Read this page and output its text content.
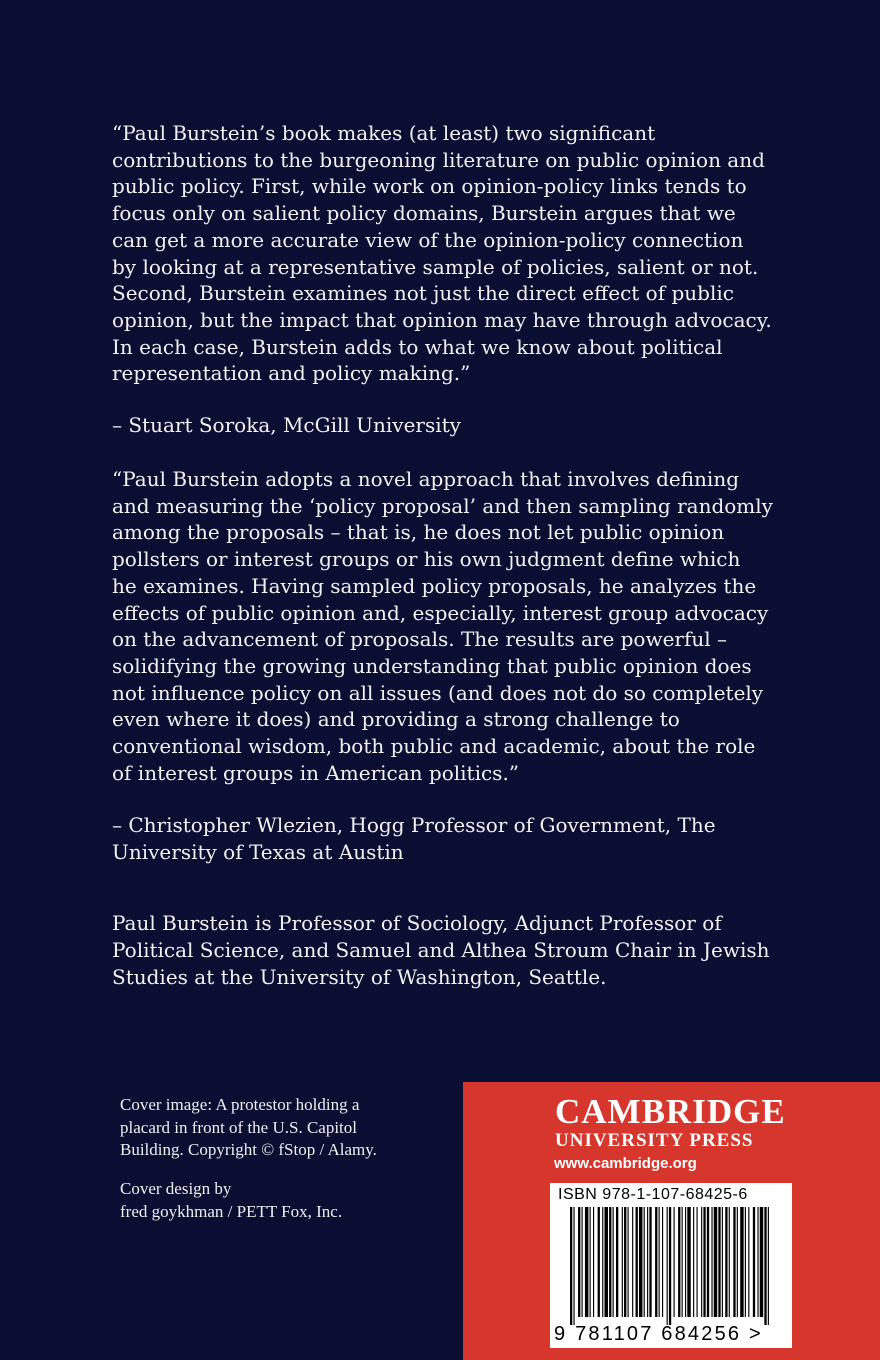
“Paul Burstein’s book makes (at least) two significant
contributions to the burgeoning literature on public opinion and
public policy. First, while work on opinion-policy links tends to
focus only on salient policy domains, Burstein argues that we
can get a more accurate view of the opinion-policy connection
by looking at a representative sample of policies, salient or not.
Second, Burstein examines not just the direct effect of public
opinion, but the impact that opinion may have through advocacy.
In each case, Burstein adds to what we know about political
representation and policy making.”

– Stuart Soroka, McGill University

“Paul Burstein adopts a novel approach that involves defining
and measuring the ‘policy proposal’ and then sampling randomly
among the proposals – that is, he does not let public opinion
pollsters or interest groups or his own judgment define which
he examines. Having sampled policy proposals, he analyzes the
effects of public opinion and, especially, interest group advocacy
on the advancement of proposals. The results are powerful –
solidifying the growing understanding that public opinion does
not influence policy on all issues (and does not do so completely
even where it does) and providing a strong challenge to
conventional wisdom, both public and academic, about the role
of interest groups in American politics.”

– Christopher Wlezien, Hogg Professor of Government, The
University of Texas at Austin

Paul Burstein is Professor of Sociology, Adjunct Professor of
Political Science, and Samuel and Althea Stroum Chair in Jewish
Studies at the University of Washington, Seattle.

Cover image: A protestor holding a
placard in front of the U.S. Capitol
Building. Copyright © fStop / Alamy.

Cover design by
fred goykhman / PETT Fox, Inc.

CAMBRIDGE
UNIVERSITY PRESS
www.cambridge.org
ISBN 978-1-107-68425-6
9 781107 684256 >
